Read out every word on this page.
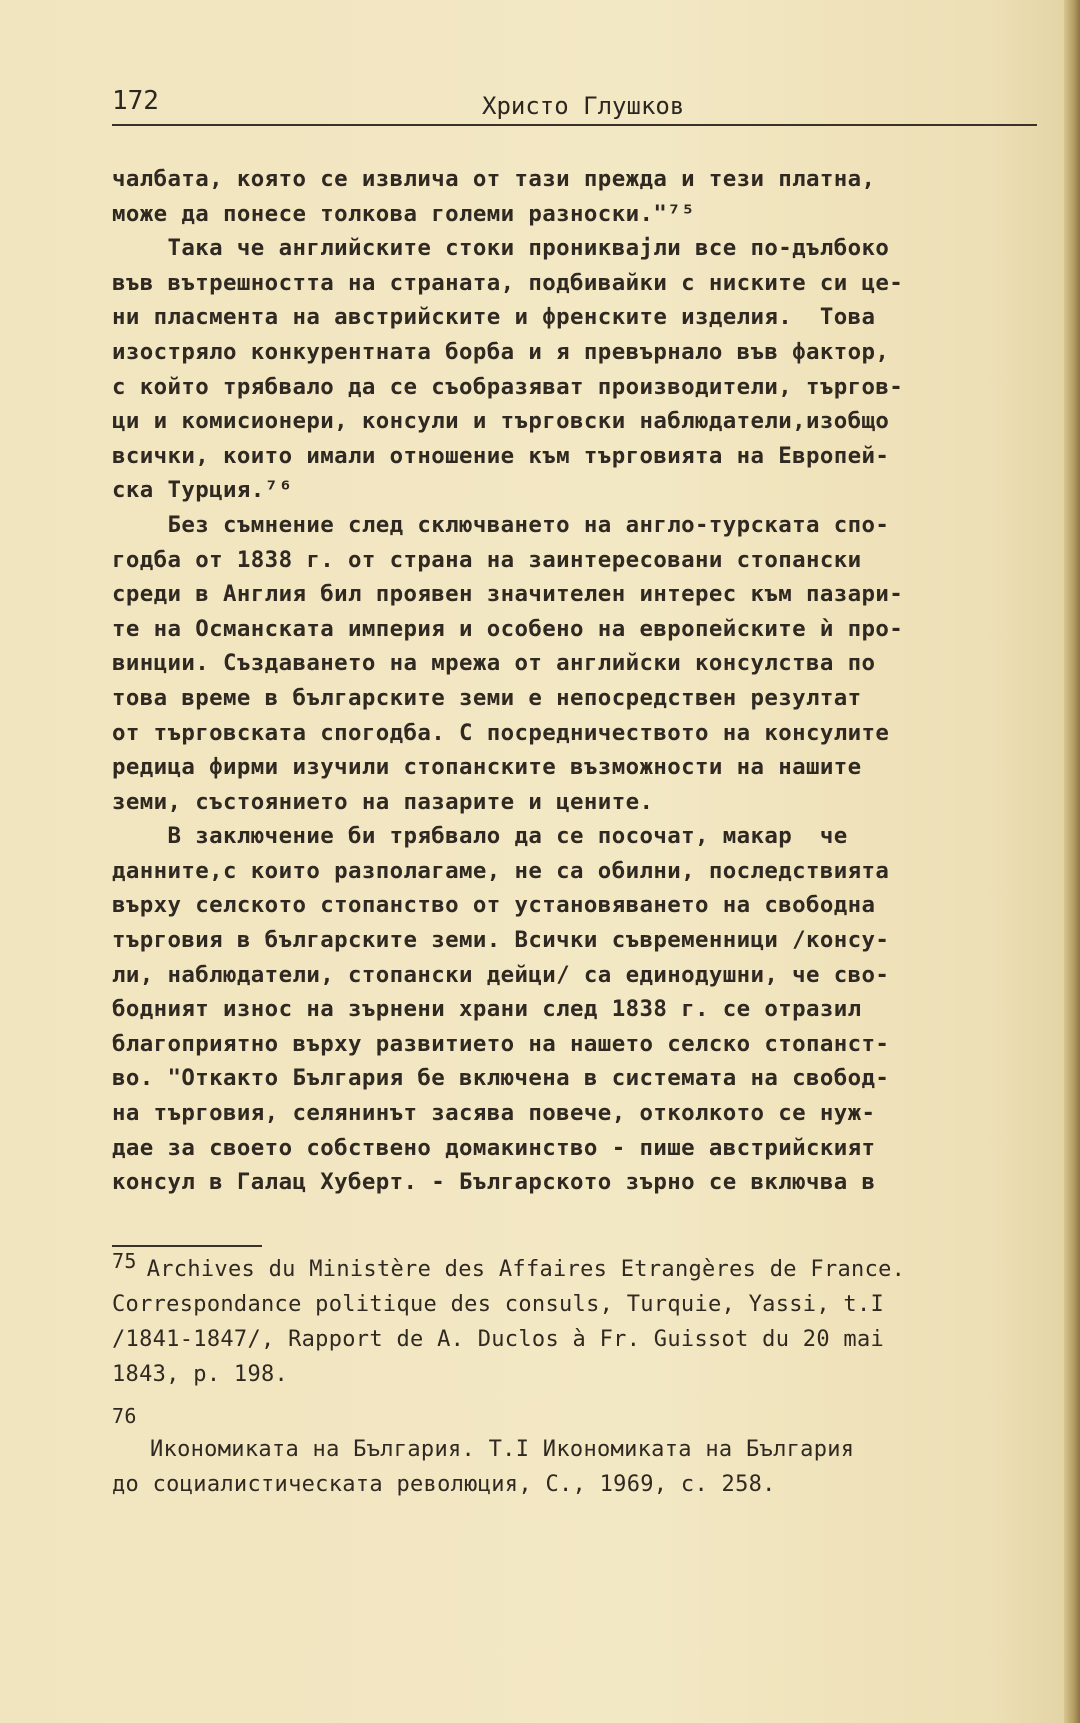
172	Христо Глушков
чалбата, която се извлича от тази прежда и тези платна,
може да понесе толкова големи разноски."⁷⁵
Така че английските стоки проникваjли все по-дълбоко
във вътрешността на страната, подбивайки с ниските си це-
ни пласмента на австрийските и френските изделия.  Това
изостряло конкурентната борба и я превърнало във фактор,
с който трябвало да се съобразяват производители, търгов-
ци и комисионери, консули и търговски наблюдатели,изобщо
всички, които имали отношение към търговията на Европей-
ска Турция.⁷⁶
Без съмнение след сключването на англо-турската спо-
годба от 1838 г. от страна на заинтересовани стопански
среди в Англия бил проявен значителен интерес към пазари-
те на Османската империя и особено на европейските ѝ про-
винции. Създаването на мрежа от английски консулства по
това време в българските земи е непосредствен резултат
от търговската спогодба. С посредничеството на консулите
редица фирми изучили стопанските възможности на нашите
земи, състоянието на пазарите и цените.
В заключение би трябвало да се посочат, макар  че
данните,с които разполагаме, не са обилни, последствията
върху селското стопанство от установяването на свободна
търговия в българските земи. Всички съвременници /консу-
ли, наблюдатели, стопански дейци/ са единодушни, че сво-
бодният износ на зърнени храни след 1838 г. се отразил
благоприятно върху развитието на нашето селско стопанст-
во. "Откакто България бе включена в системата на свобод-
на търговия, селянинът засява повече, отколкото се нуж-
дае за своето собствено домакинство - пише австрийският
консул в Галац Хуберт. - Българското зърно се включва в
75 Archives du Ministère des Affaires Etrangères de France.
Correspondance politique des consuls, Turquie, Yassi, t.I
/1841-1847/, Rapport de A. Duclos à Fr. Guissot du 20 mai
1843, p. 198.
76
Икономиката на България. Т.I Икономиката на България
до социалистическата революция, С., 1969, с. 258.
